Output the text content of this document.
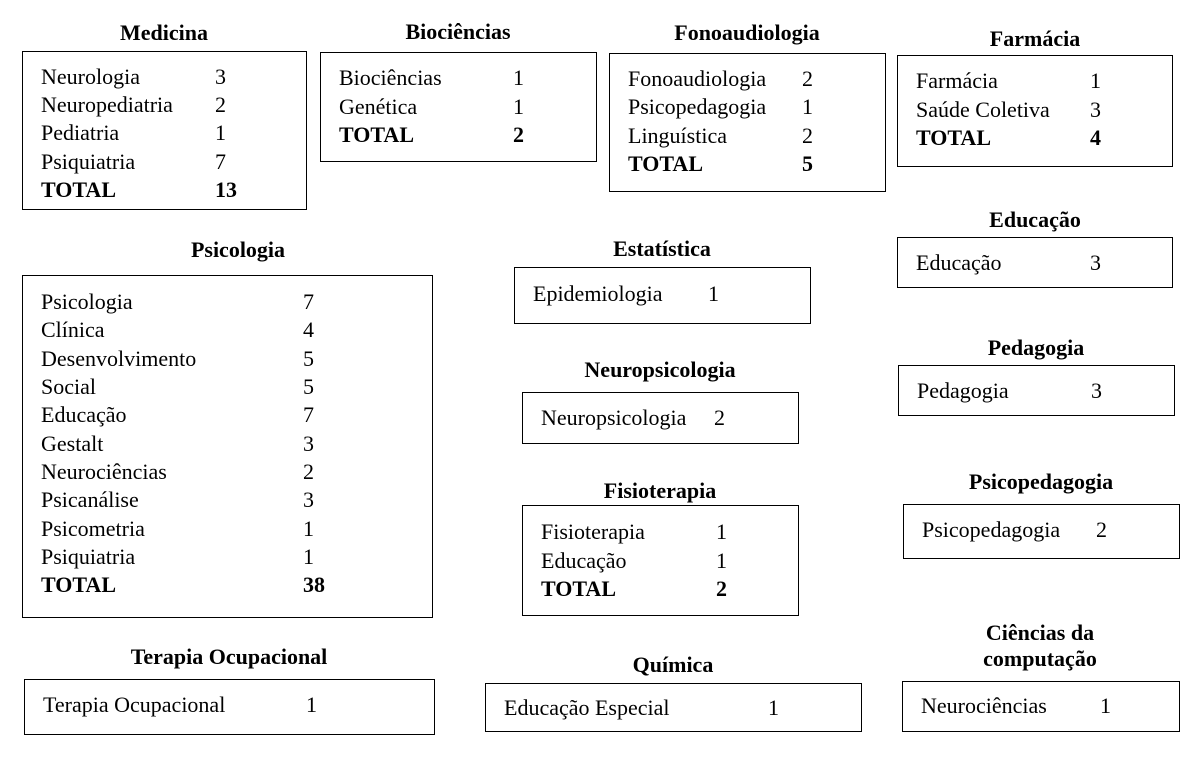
Medicina
Neurologia	3
Neuropediatria 2
Pediatria	1
Psiquiatria	7
TOTAL	13
Biociências
Biociências	1
Genética	1
TOTAL	2
Fonoaudiologia
Fonoaudiologia 2
Psicopedagogia 1
Linguística	2
TOTAL	5
Farmácia
Farmácia	1
Saúde Coletiva 3
TOTAL	4
Educação
Educação	3
Psicologia
Psicologia	7
Clínica	4
Desenvolvimento	5
Social	5
Educação	7
Gestalt	3
Neurociências	2
Psicanálise	3
Psicometria	1
Psiquiatria	1
TOTAL	38
Estatística
Epidemiologia 1
Pedagogia
Pedagogia	3
Neuropsicologia
Neuropsicologia 2
Fisioterapia
Fisioterapia	1
Educação	1
TOTAL	2
Psicopedagogia
Psicopedagogia 2
Terapia Ocupacional
Terapia Ocupacional	1
Química
Educação Especial	1
Ciências da
computação
Neurociências 1
